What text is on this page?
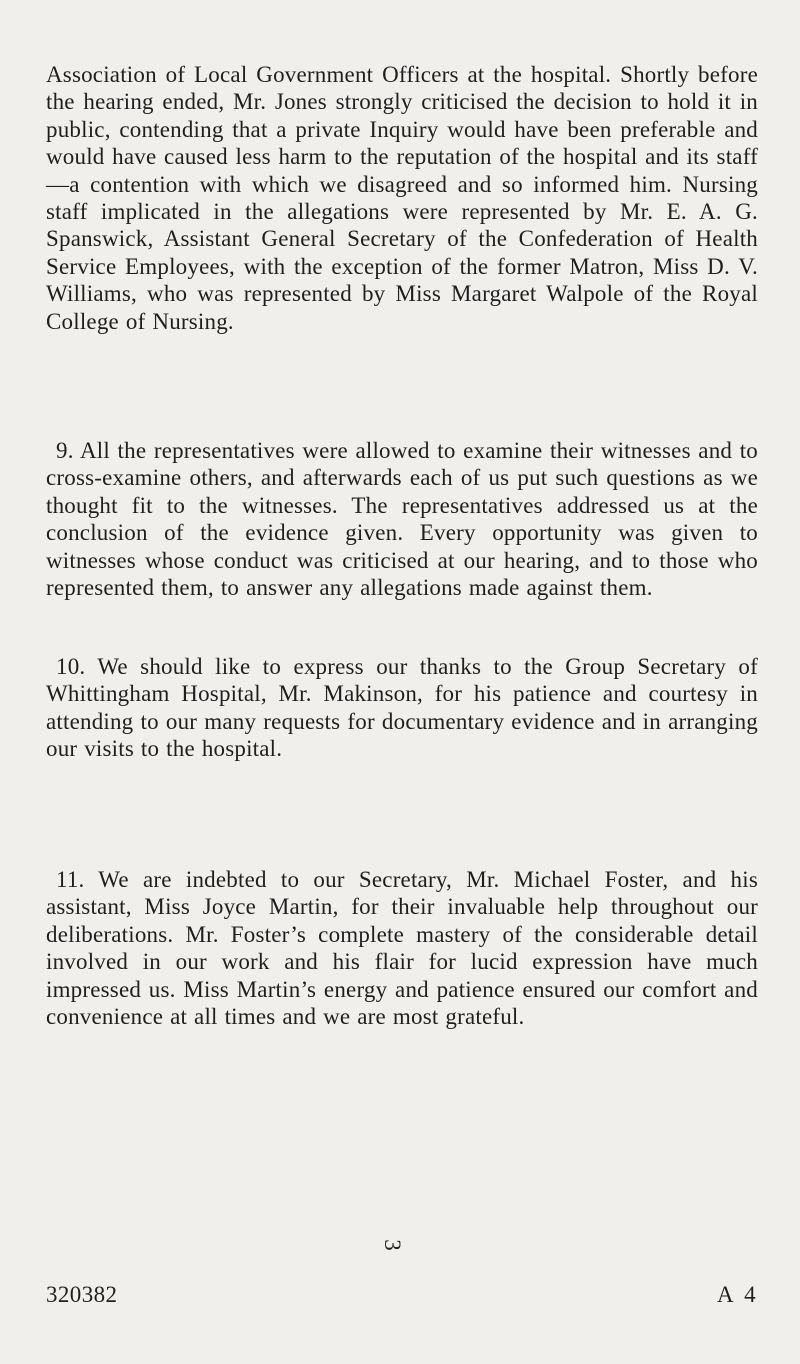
Association of Local Government Officers at the hospital. Shortly before the hearing ended, Mr. Jones strongly criticised the decision to hold it in public, contending that a private Inquiry would have been preferable and would have caused less harm to the reputation of the hospital and its staff—a contention with which we disagreed and so informed him. Nursing staff implicated in the allegations were represented by Mr. E. A. G. Spanswick, Assistant General Secretary of the Confederation of Health Service Employees, with the exception of the former Matron, Miss D. V. Williams, who was represented by Miss Margaret Walpole of the Royal College of Nursing.

9. All the representatives were allowed to examine their witnesses and to cross-examine others, and afterwards each of us put such questions as we thought fit to the witnesses. The representatives addressed us at the conclusion of the evidence given. Every opportunity was given to witnesses whose conduct was criticised at our hearing, and to those who represented them, to answer any allegations made against them.

10. We should like to express our thanks to the Group Secretary of Whittingham Hospital, Mr. Makinson, for his patience and courtesy in attending to our many requests for documentary evidence and in arranging our visits to the hospital.

11. We are indebted to our Secretary, Mr. Michael Foster, and his assistant, Miss Joyce Martin, for their invaluable help throughout our deliberations. Mr. Foster’s complete mastery of the considerable detail involved in our work and his flair for lucid expression have much impressed us. Miss Martin’s energy and patience ensured our comfort and convenience at all times and we are most grateful.

3
320382	A 4
